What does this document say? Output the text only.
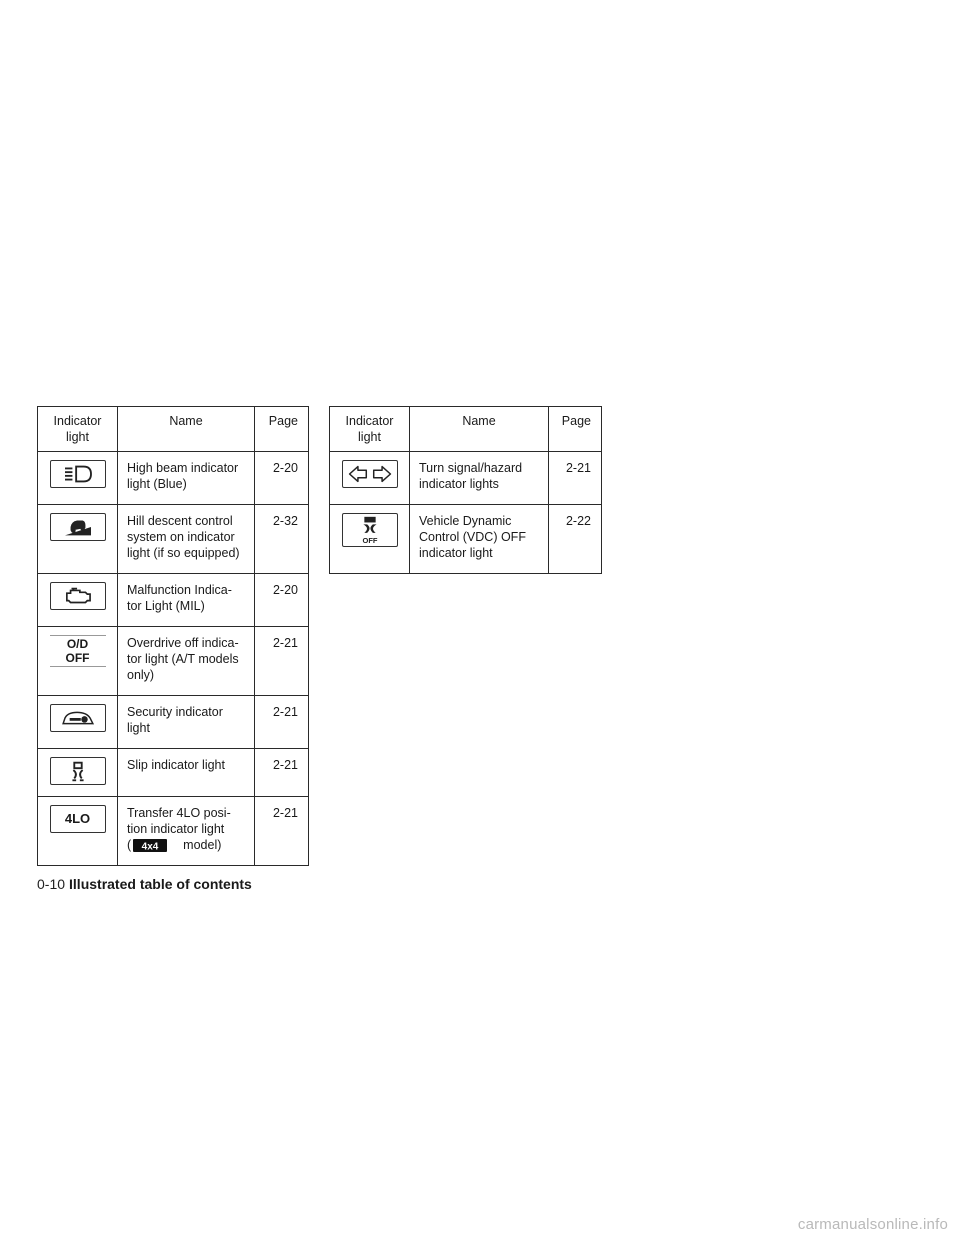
Indicator light	Name	Page

High beam indicator
light (Blue)	2-20

Hill descent control
system on indicator
light (if so equipped)	2-32

Malfunction Indica-
tor Light (MIL)	2-20

O/D
OFF	Overdrive off indica-
tor light (A/T models
only)	2-21

Security indicator
light	2-21

Slip indicator light	2-21
4LO	Transfer 4LO posi-
tion indicator light
( 4x4 model)	2-21
Indicator light	Name	Page

Turn signal/hazard
indicator lights	2-21

OFF	Vehicle Dynamic
Control (VDC) OFF
indicator light	2-22
0-10 Illustrated table of contents
carmanualsonline.info
